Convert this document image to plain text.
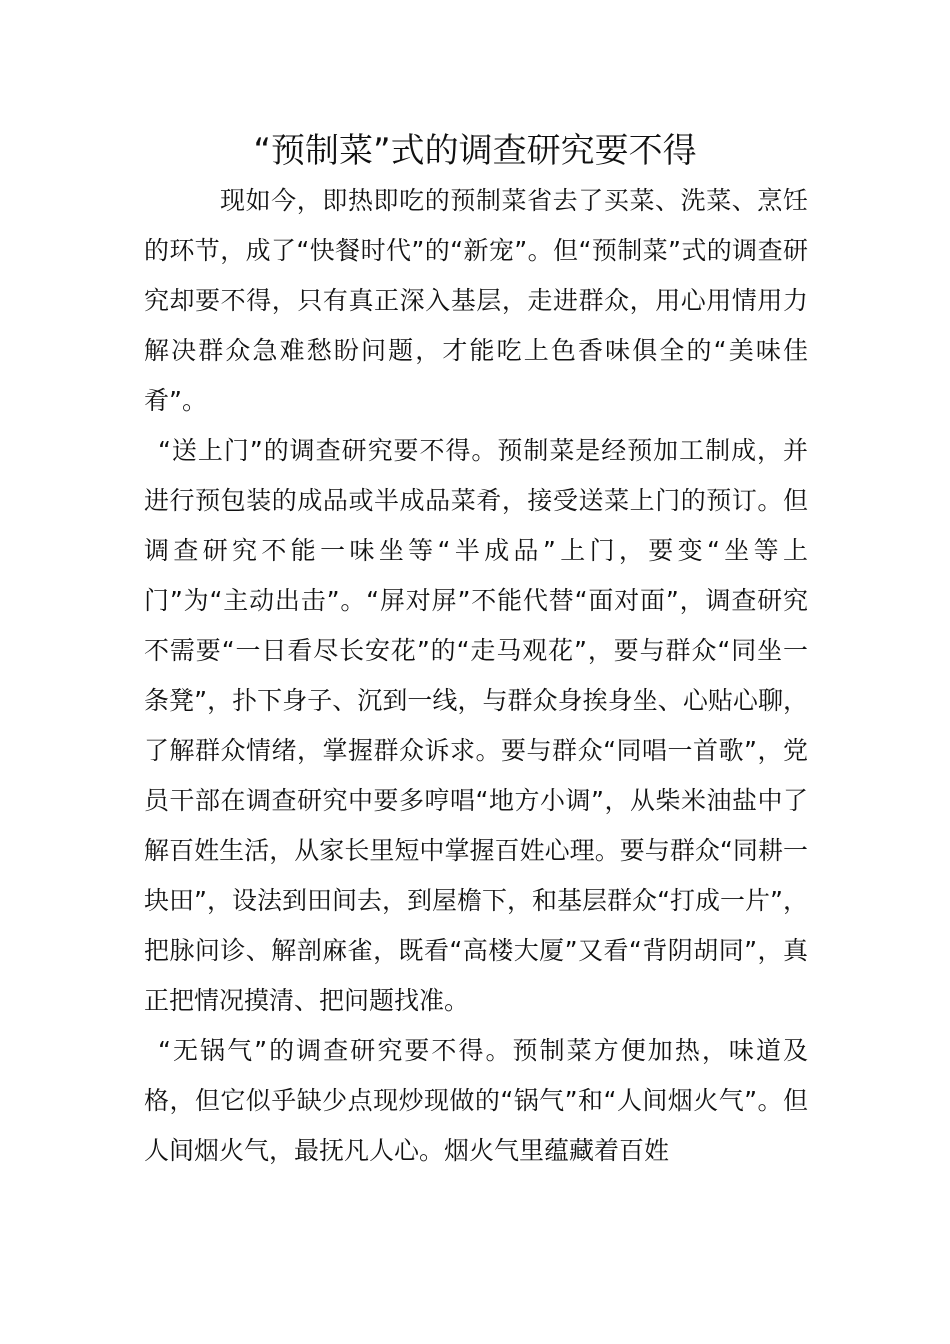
“预制菜”式的调查研究要不得

现如今，即热即吃的预制菜省去了买菜、洗菜、烹饪的环节，成了“快餐时代”的“新宠”。但“预制菜”式的调查研究却要不得，只有真正深入基层，走进群众，用心用情用力解决群众急难愁盼问题，才能吃上色香味俱全的“美味佳肴”。

“送上门”的调查研究要不得。预制菜是经预加工制成，并进行预包装的成品或半成品菜肴，接受送菜上门的预订。但调查研究不能一味坐等“半成品”上门，要变“坐等上门”为“主动出击”。“屏对屏”不能代替“面对面”，调查研究不需要“一日看尽长安花”的“走马观花”，要与群众“同坐一条凳”，扑下身子、沉到一线，与群众身挨身坐、心贴心聊，了解群众情绪，掌握群众诉求。要与群众“同唱一首歌”，党员干部在调查研究中要多哼唱“地方小调”，从柴米油盐中了解百姓生活，从家长里短中掌握百姓心理。要与群众“同耕一块田”，设法到田间去，到屋檐下，和基层群众“打成一片”，把脉问诊、解剖麻雀，既看“高楼大厦”又看“背阴胡同”，真正把情况摸清、把问题找准。

“无锅气”的调查研究要不得。预制菜方便加热，味道及格，但它似乎缺少点现炒现做的“锅气”和“人间烟火气”。但人间烟火气，最抚凡人心。烟火气里蕴藏着百姓
